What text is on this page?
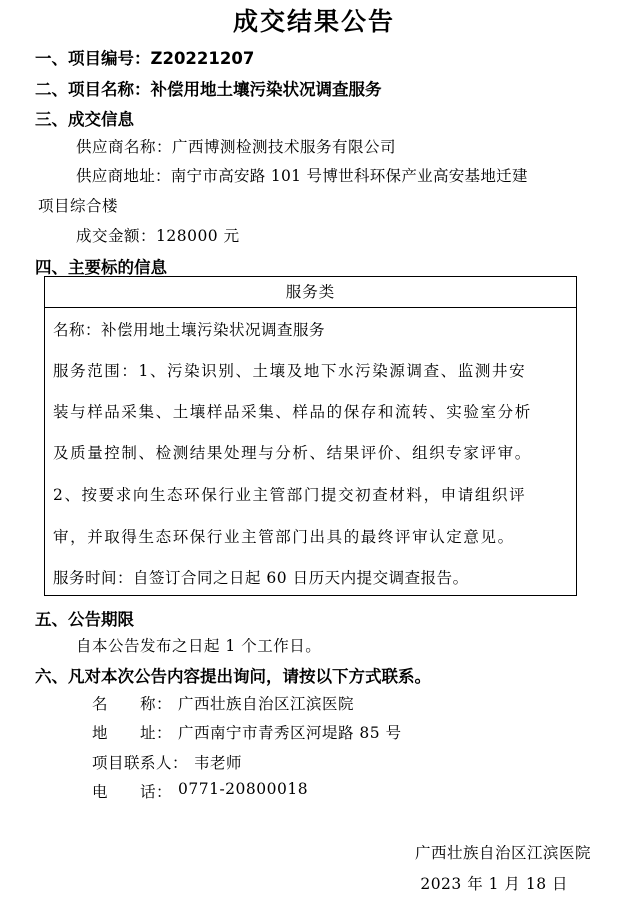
成交结果公告
一、项目编号：Z20221207
二、项目名称：补偿用地土壤污染状况调查服务
三、成交信息
供应商名称：广西博测检测技术服务有限公司
供应商地址：南宁市高安路 101 号博世科环保产业高安基地迁建
项目综合楼
成交金额：128000 元
四、主要标的信息
服务类
名称：补偿用地土壤污染状况调查服务
服务范围：1、污染识别、土壤及地下水污染源调查、监测井安
装与样品采集、土壤样品采集、样品的保存和流转、实验室分析
及质量控制、检测结果处理与分析、结果评价、组织专家评审。
2、按要求向生态环保行业主管部门提交初查材料，申请组织评
审，并取得生态环保行业主管部门出具的最终评审认定意见。
服务时间：自签订合同之日起 60 日历天内提交调查报告。
五、公告期限
自本公告发布之日起 1 个工作日。
六、凡对本次公告内容提出询问，请按以下方式联系。
名　　称： 广西壮族自治区江滨医院
地　　址： 广西南宁市青秀区河堤路 85 号
项目联系人： 韦老师
电　　话： 0771-20800018
广西壮族自治区江滨医院
2023 年 1 月 18 日
